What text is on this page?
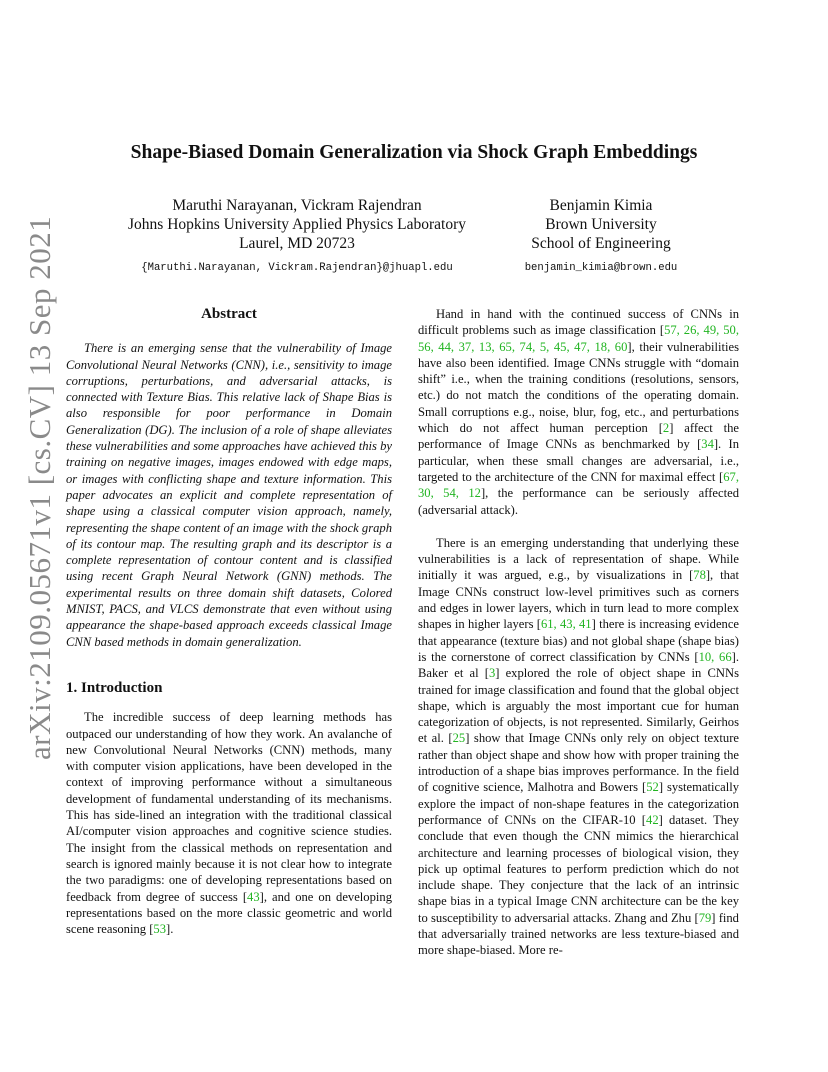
arXiv:2109.05671v1 [cs.CV] 13 Sep 2021
Shape-Biased Domain Generalization via Shock Graph Embeddings
Maruthi Narayanan, Vickram Rajendran
Johns Hopkins University Applied Physics Laboratory
Laurel, MD 20723
{Maruthi.Narayanan, Vickram.Rajendran}@jhuapl.edu
Benjamin Kimia
Brown University
School of Engineering
benjamin_kimia@brown.edu
Abstract

There is an emerging sense that the vulnerability of Image Convolutional Neural Networks (CNN), i.e., sensitivity to image corruptions, perturbations, and adversarial attacks, is connected with Texture Bias. This relative lack of Shape Bias is also responsible for poor performance in Domain Generalization (DG). The inclusion of a role of shape alleviates these vulnerabilities and some approaches have achieved this by training on negative images, images endowed with edge maps, or images with conflicting shape and texture information. This paper advocates an explicit and complete representation of shape using a classical computer vision approach, namely, representing the shape content of an image with the shock graph of its contour map. The resulting graph and its descriptor is a complete representation of contour content and is classified using recent Graph Neural Network (GNN) methods. The experimental results on three domain shift datasets, Colored MNIST, PACS, and VLCS demonstrate that even without using appearance the shape-based approach exceeds classical Image CNN based methods in domain generalization.

1. Introduction

The incredible success of deep learning methods has outpaced our understanding of how they work. An avalanche of new Convolutional Neural Networks (CNN) methods, many with computer vision applications, have been developed in the context of improving performance without a simultaneous development of fundamental understanding of its mechanisms. This has side-lined an integration with the traditional classical AI/computer vision approaches and cognitive science studies. The insight from the classical methods on representation and search is ignored mainly because it is not clear how to integrate the two paradigms: one of developing representations based on feedback from degree of success [43], and one on developing representations based on the more classic geometric and world scene reasoning [53].

Hand in hand with the continued success of CNNs in difficult problems such as image classification [57, 26, 49, 50, 56, 44, 37, 13, 65, 74, 5, 45, 47, 18, 60], their vulnerabilities have also been identified. Image CNNs struggle with “domain shift” i.e., when the training conditions (resolutions, sensors, etc.) do not match the conditions of the operating domain. Small corruptions e.g., noise, blur, fog, etc., and perturbations which do not affect human perception [2] affect the performance of Image CNNs as benchmarked by [34]. In particular, when these small changes are adversarial, i.e., targeted to the architecture of the CNN for maximal effect [67, 30, 54, 12], the performance can be seriously affected (adversarial attack).

There is an emerging understanding that underlying these vulnerabilities is a lack of representation of shape. While initially it was argued, e.g., by visualizations in [78], that Image CNNs construct low-level primitives such as corners and edges in lower layers, which in turn lead to more complex shapes in higher layers [61, 43, 41] there is increasing evidence that appearance (texture bias) and not global shape (shape bias) is the cornerstone of correct classification by CNNs [10, 66]. Baker et al [3] explored the role of object shape in CNNs trained for image classification and found that the global object shape, which is arguably the most important cue for human categorization of objects, is not represented. Similarly, Geirhos et al. [25] show that Image CNNs only rely on object texture rather than object shape and show how with proper training the introduction of a shape bias improves performance. In the field of cognitive science, Malhotra and Bowers [52] systematically explore the impact of non-shape features in the categorization performance of CNNs on the CIFAR-10 [42] dataset. They conclude that even though the CNN mimics the hierarchical architecture and learning processes of biological vision, they pick up optimal features to perform prediction which do not include shape. They conjecture that the lack of an intrinsic shape bias in a typical Image CNN architecture can be the key to susceptibility to adversarial attacks. Zhang and Zhu [79] find that adversarially trained networks are less texture-biased and more shape-biased. More re-
